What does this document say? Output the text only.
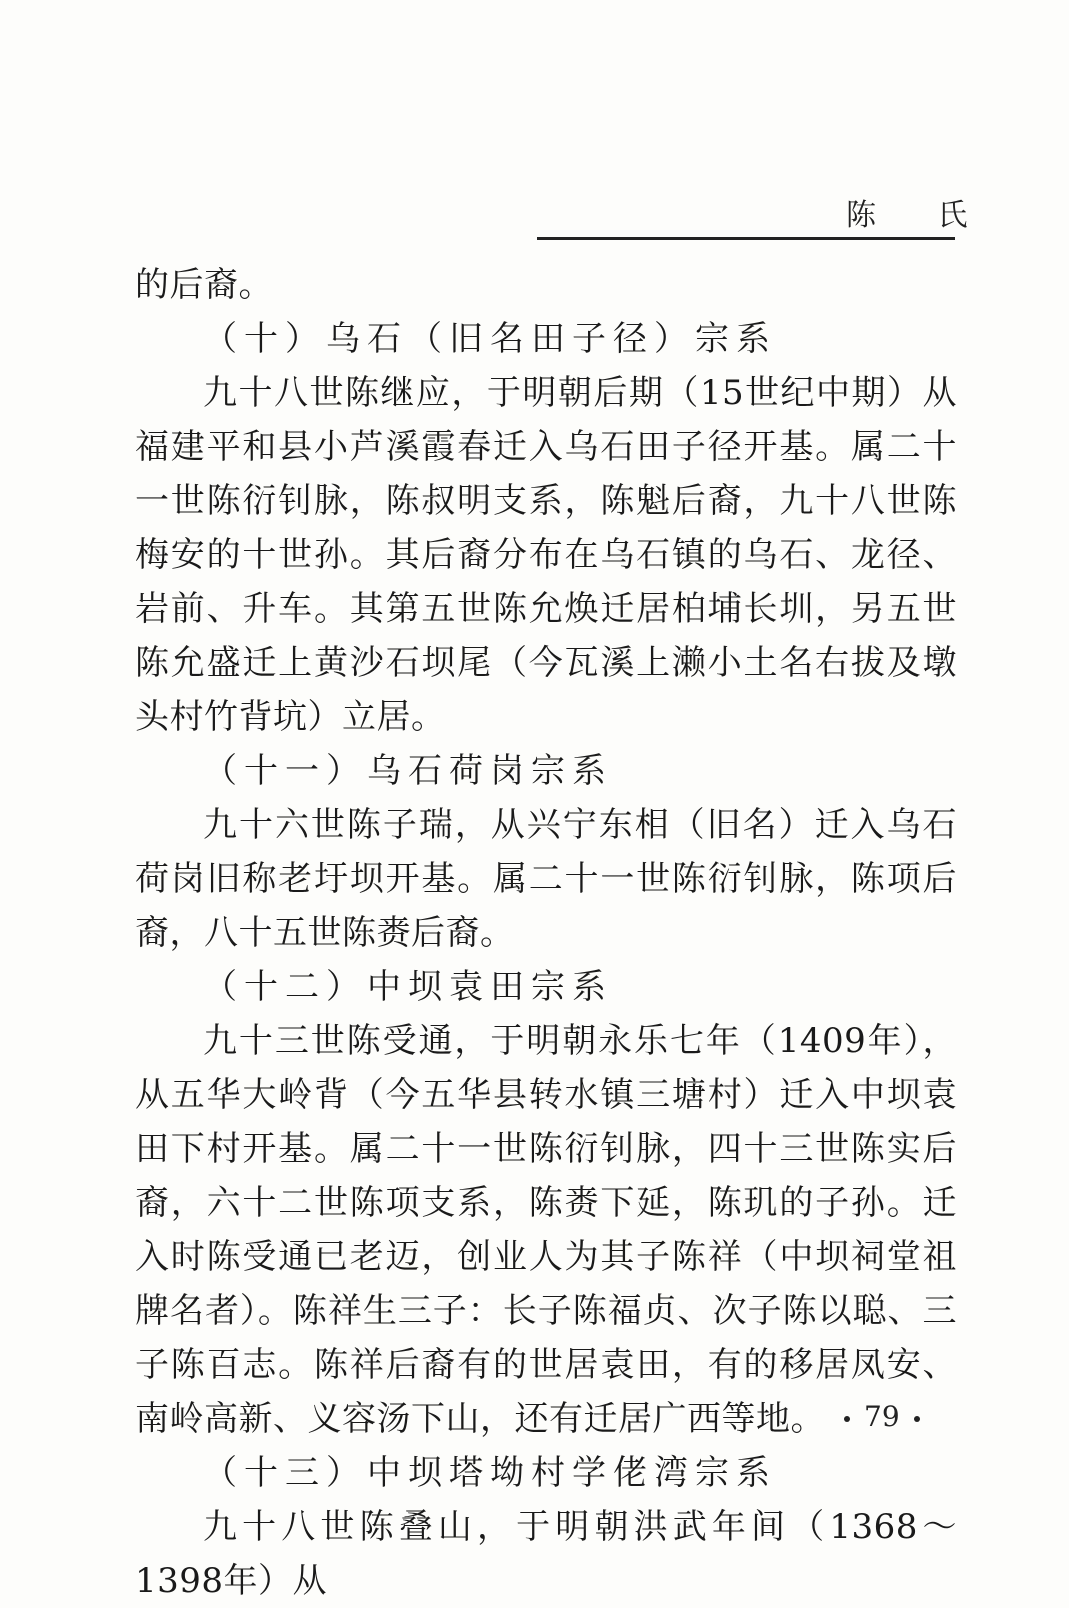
陈 氏

的后裔。

（十）乌石（旧名田子径）宗系

九十八世陈继应，于明朝后期（15世纪中期）从福建平和县小芦溪霞春迁入乌石田子径开基。属二十一世陈衍钊脉，陈叔明支系，陈魁后裔，九十八世陈梅安的十世孙。其后裔分布在乌石镇的乌石、龙径、岩前、升车。其第五世陈允焕迁居柏埔长圳，另五世陈允盛迁上黄沙石坝尾（今瓦溪上濑小土名右拔及墩头村竹背坑）立居。

（十一）乌石荷岗宗系

九十六世陈子瑞，从兴宁东相（旧名）迁入乌石荷岗旧称老圩坝开基。属二十一世陈衍钊脉，陈项后裔，八十五世陈赉后裔。

（十二）中坝袁田宗系

九十三世陈受通，于明朝永乐七年（1409年），从五华大岭背（今五华县转水镇三塘村）迁入中坝袁田下村开基。属二十一世陈衍钊脉，四十三世陈实后裔，六十二世陈项支系，陈赉下延，陈玑的子孙。迁入时陈受通已老迈，创业人为其子陈祥（中坝祠堂祖牌名者）。陈祥生三子：长子陈福贞、次子陈以聪、三子陈百志。陈祥后裔有的世居袁田，有的移居凤安、南岭高新、义容汤下山，还有迁居广西等地。

（十三）中坝塔坳村学佬湾宗系

九十八世陈叠山，于明朝洪武年间（1368～1398年）从

79
